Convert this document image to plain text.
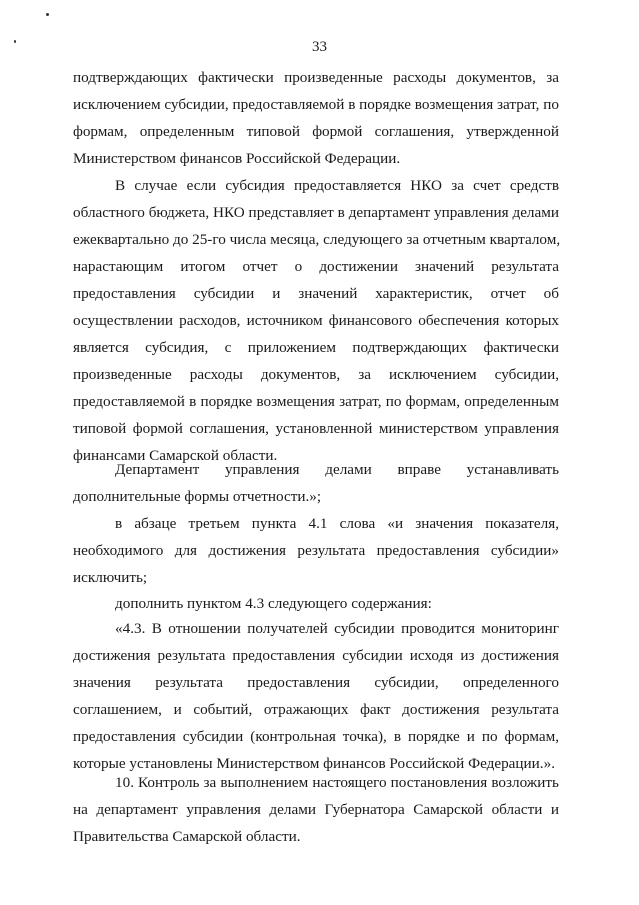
33
подтверждающих фактически произведенные расходы документов, за
исключением субсидии, предоставляемой в порядке возмещения затрат, по
формам, определенным типовой формой соглашения, утвержденной
Министерством финансов Российской Федерации.
В случае если субсидия предоставляется НКО за счет средств
областного бюджета, НКО представляет в департамент управления делами
ежеквартально до 25-го числа месяца, следующего за отчетным кварталом,
нарастающим итогом отчет о достижении значений результата
предоставления субсидии и значений характеристик, отчет об
осуществлении расходов, источником финансового обеспечения которых
является субсидия, с приложением подтверждающих фактически
произведенные расходы документов, за исключением субсидии,
предоставляемой в порядке возмещения затрат, по формам, определенным
типовой формой соглашения, установленной министерством управления
финансами Самарской области.
Департамент управления делами вправе устанавливать
дополнительные формы отчетности.»;
в абзаце третьем пункта 4.1 слова «и значения показателя,
необходимого для достижения результата предоставления субсидии»
исключить;
дополнить пунктом 4.3 следующего содержания:
«4.3. В отношении получателей субсидии проводится мониторинг
достижения результата предоставления субсидии исходя из достижения
значения результата предоставления субсидии, определенного
соглашением, и событий, отражающих факт достижения результата
предоставления субсидии (контрольная точка), в порядке и по формам,
которые установлены Министерством финансов Российской Федерации.».
10. Контроль за выполнением настоящего постановления возложить
на департамент управления делами Губернатора Самарской области и
Правительства Самарской области.
